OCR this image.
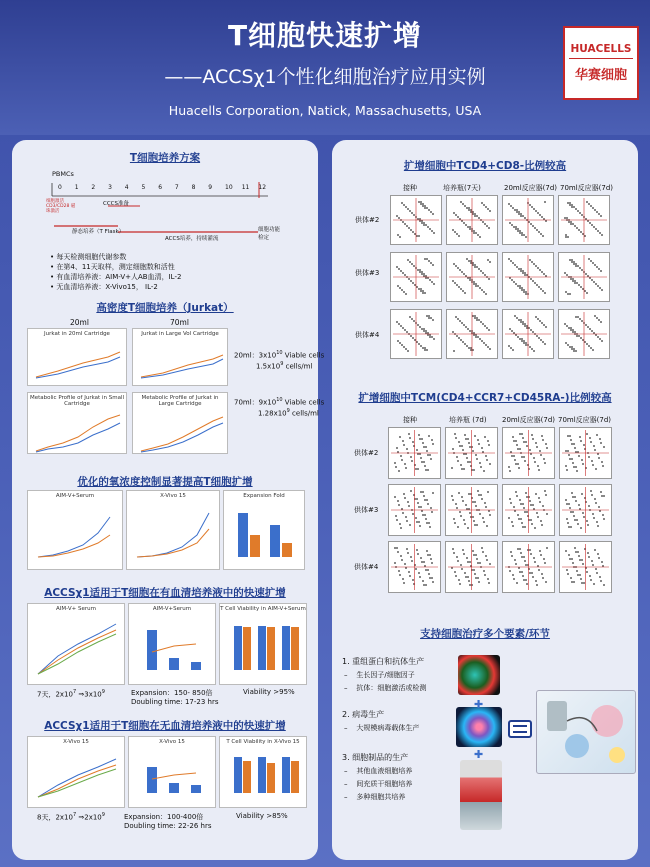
T细胞快速扩增
——ACCSχ1个性化细胞治疗应用实例
Huacells Corporation, Natick, Massachusetts, USA
HUACELLS
华赛细胞
T细胞培养方案
PBMCs
0 1 2 3 4 5 6 7 8 9 10 11 12
细胞激活 CD3/CD28 磁珠激活
CCCS准备
静态培养（T Flask）
ACCS培养，持续灌流
细胞功能检定
• 每天检测细胞代谢参数
• 在第4、11天取样，测定细胞数和活性
• 有血清培养液：AIM-V+人AB血清，IL-2
• 无血清培养液：X-Vivo15， IL-2
高密度T细胞培养（Jurkat）
20ml	70ml
Jurkat in 20ml Cartridge	Jurkat in Large Vol Cartridge
Metabolic Profile of Jurkat in Small Cartridge
Metabolic Profile of Jurkat in Large Cartridge
20ml：$3x10^{10}$ Viable cells
$1.5x10^9$ cells/ml
70ml：$9x10^{10}$ Viable cells
$1.28x10^9$ cells/ml
优化的氧浓度控制显著提高T细胞扩增
AIM-V+Serum	X-Vivo 15	Expansion Fold
ACCSχ1适用于T细胞在有血清培养液中的快速扩增
AIM-V+ Serum	AIM-V+Serum	T Cell Viability in AIM-V+Serum
7天，$2x10^7$ $\Rightarrow 3x10^9$	Expansion：150- 850倍
Doubling time: 17-23 hrs
Viability >95%
ACCSχ1适用于T细胞在无血清培养液中的快速扩增
X-Vivo 15	X-Vivo 15	T Cell Viability in X-Vivo 15
8天，$2x10^7$ $\Rightarrow 2x10^9$	Expansion：100-400倍
Doubling time: 22-26 hrs
Viability >85%
扩增细胞中TCD4+CD8-比例较高
接种	培养瓶(7天)	20ml反应器(7d) 70ml反应器(7d)
供体#2
供体#3
供体#4
扩增细胞中TCM(CD4+CCR7+CD45RA-)比例较高
接种	培养瓶 (7d) 20ml反应器(7d) 70ml反应器(7d)
供体#2
供体#3
供体#4
支持细胞治疗多个要素/环节
1. 重组蛋白和抗体生产
– 生长因子/细胞因子
– 抗体：细胞激活或检测
2. 病毒生产
– 大规模病毒载体生产
3. 细胞制品的生产
– 其他血液细胞培养
– 间充质干细胞培养
– 多种细胞共培养
✚
✚
